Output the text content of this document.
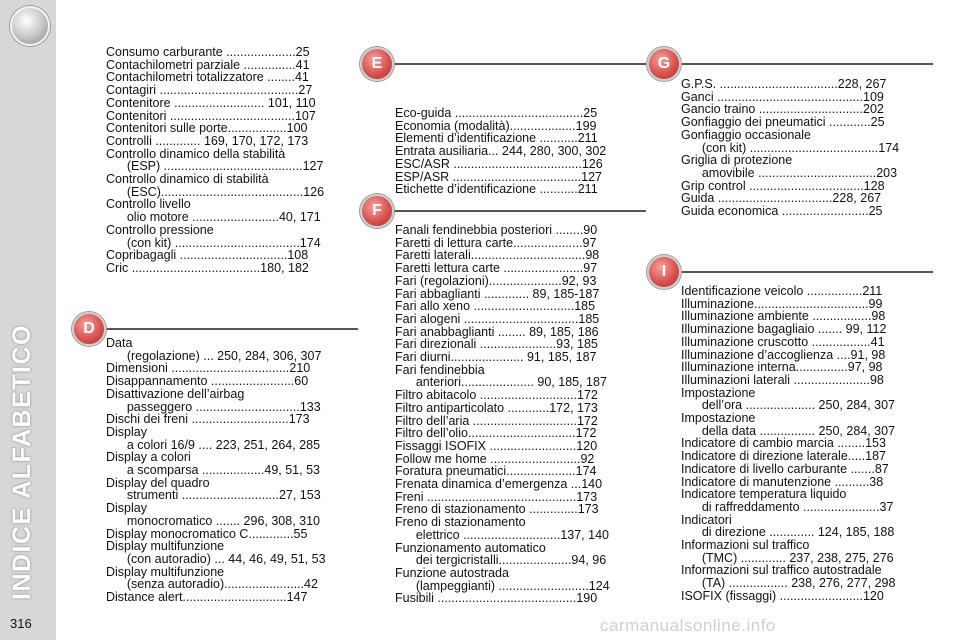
INDICE ALFABETICO
316
D
E
F
G
I
Consumo carburante ....................25
Contachilometri parziale ...............41
Contachilometri totalizzatore ........41
Contagiri ........................................27
Contenitore .......................... 101, 110
Contenitori ....................................107
Contenitori sulle porte.................100
Controlli ............. 169, 170, 172, 173
Controllo dinamico della stabilità
(ESP) ........................................127
Controllo dinamico di stabilità
(ESC).........................................126
Controllo livello
olio motore .........................40, 171
Controllo pressione
(con kit) ....................................174
Copribagagli ...............................108
Cric .....................................180, 182
Data
(regolazione) ... 250, 284, 306, 307
Dimensioni ..................................210
Disappannamento ........................60
Disattivazione dell’airbag
passeggero ..............................133
Dischi dei freni ............................173
Display
a colori 16/9 .... 223, 251, 264, 285
Display a colori
a scomparsa ..................49, 51, 53
Display del quadro
strumenti ............................27, 153
Display
monocromatico ....... 296, 308, 310
Display monocromatico C.............55
Display multifunzione
(con autoradio) ... 44, 46, 49, 51, 53
Display multifunzione
(senza autoradio).......................42
Distance alert..............................147
Eco-guida .....................................25
Economia (modalità)...................199
Elementi d’identificazione ...........211
Entrata ausiliaria... 244, 280, 300, 302
ESC/ASR .....................................126
ESP/ASR .....................................127
Etichette d’identificazione ...........211
Fanali fendinebbia posteriori ........90
Faretti di lettura carte....................97
Faretti laterali.................................98
Faretti lettura carte .......................97
Fari (regolazioni).....................92, 93
Fari abbaglianti ............. 89, 185-187
Fari allo xeno .............................185
Fari alogeni .................................185
Fari anabbaglianti ........ 89, 185, 186
Fari direzionali ......................93, 185
Fari diurni..................... 91, 185, 187
Fari fendinebbia
anteriori..................... 90, 185, 187
Filtro abitacolo ............................172
Filtro antiparticolato ............172, 173
Filtro dell’aria ..............................172
Filtro dell’olio...............................172
Fissaggi ISOFIX .........................120
Follow me home ..........................92
Foratura pneumatici....................174
Frenata dinamica d’emergenza ...140
Freni ...........................................173
Freno di stazionamento ..............173
Freno di stazionamento
elettrico ............................137, 140
Funzionamento automatico
dei tergicristalli.....................94, 96
Funzione autostrada
(lampeggianti) ..........................124
Fusibili ........................................190
G.P.S. ..................................228, 267
Ganci ..........................................109
Gancio traino ..............................202
Gonfiaggio dei pneumatici ............25
Gonfiaggio occasionale
(con kit) .....................................174
Griglia di protezione
amovibile ..................................203
Grip control .................................128
Guida .................................228, 267
Guida economica .........................25
Identificazione veicolo ................211
Illuminazione.................................99
Illuminazione ambiente .................98
Illuminazione bagagliaio ....... 99, 112
Illuminazione cruscotto .................41
Illuminazione d’accoglienza ....91, 98
Illuminazione interna...............97, 98
Illuminazioni laterali ......................98
Impostazione
dell’ora .................... 250, 284, 307
Impostazione
della data ................ 250, 284, 307
Indicatore di cambio marcia ........153
Indicatore di direzione laterale.....187
Indicatore di livello carburante .......87
Indicatore di manutenzione ..........38
Indicatore temperatura liquido
di raffreddamento ......................37
Indicatori
di direzione ............. 124, 185, 188
Informazioni sul traffico
(TMC) ............. 237, 238, 275, 276
Informazioni sul traffico autostradale
(TA) ................. 238, 276, 277, 298
ISOFIX (fissaggi) ........................120
carmanualsonline.info
